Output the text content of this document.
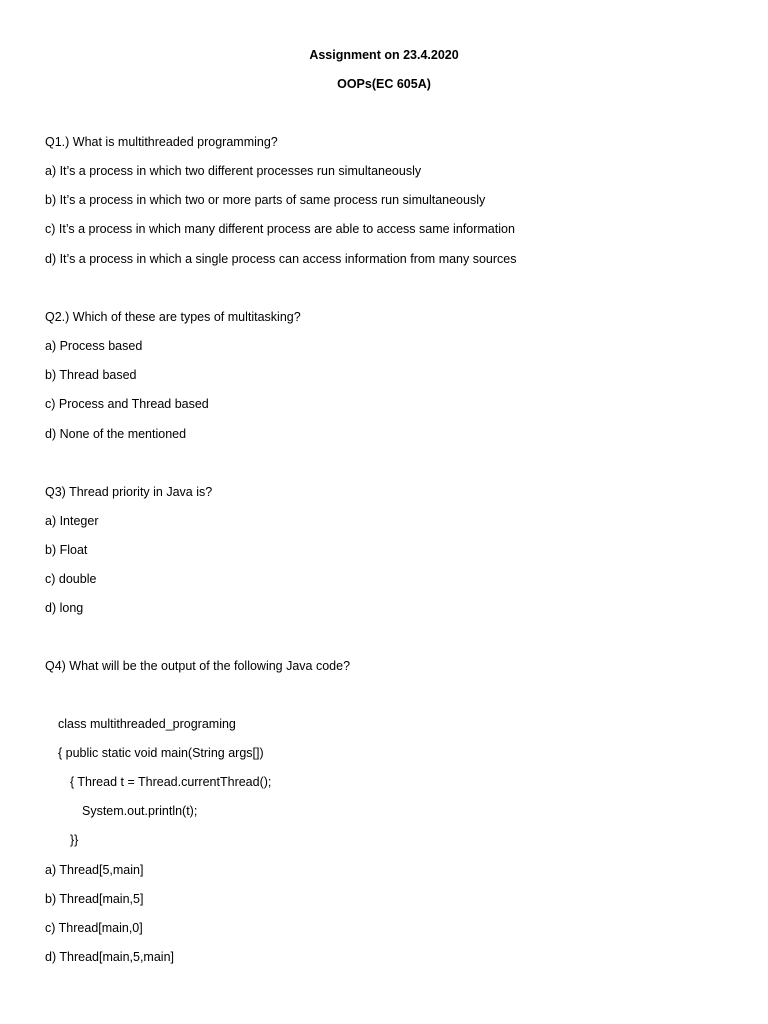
Assignment on 23.4.2020
OOPs(EC 605A)
Q1.) What is multithreaded programming?
a) It’s a process in which two different processes run simultaneously
b) It’s a process in which two or more parts of same process run simultaneously
c) It’s a process in which many different process are able to access same information
d) It’s a process in which a single process can access information from many sources
Q2.) Which of these are types of multitasking?
a) Process based
b) Thread based
c) Process and Thread based
d) None of the mentioned
Q3) Thread priority in Java is?
a) Integer
b) Float
c) double
d) long
Q4) What will be the output of the following Java code?
class multithreaded_programing
{ public static void main(String args[])
{ Thread t = Thread.currentThread();
System.out.println(t);
}}
a) Thread[5,main]
b) Thread[main,5]
c) Thread[main,0]
d) Thread[main,5,main]
